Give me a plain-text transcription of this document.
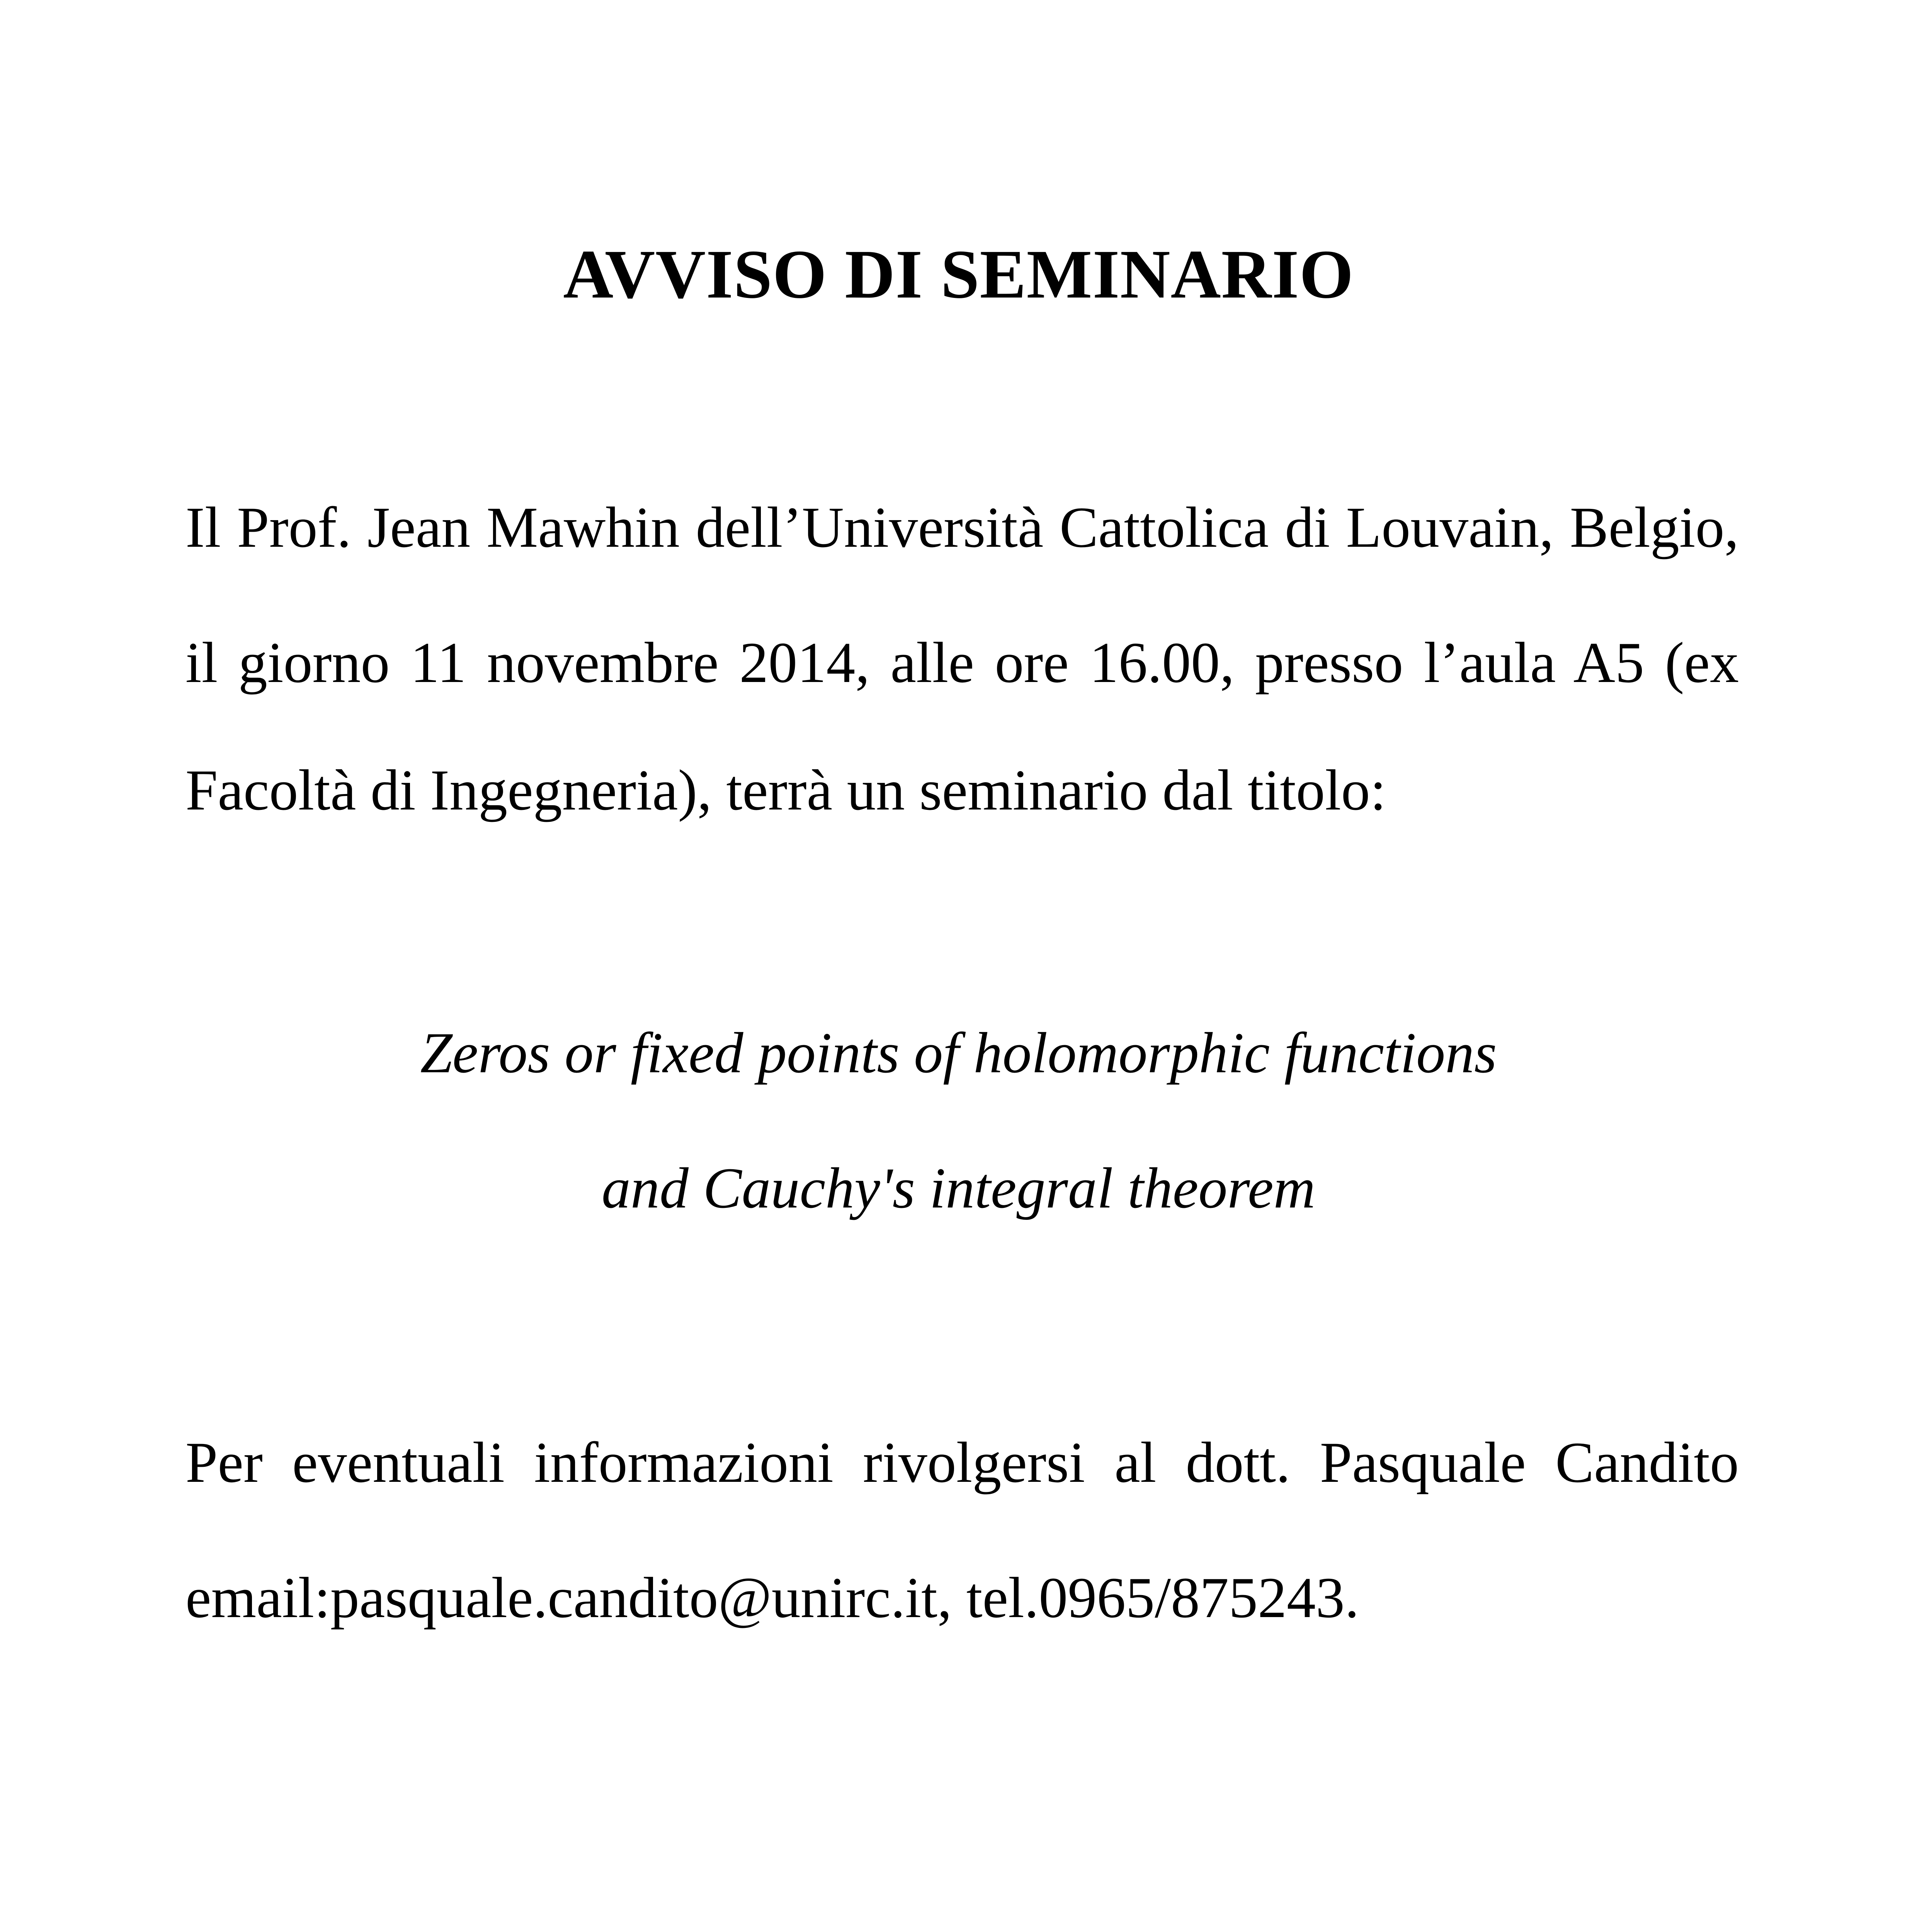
AVVISO DI SEMINARIO
Il Prof. Jean Mawhin dell’Università Cattolica di Louvain, Belgio,
il giorno 11 novembre 2014, alle ore 16.00, presso l’aula A5 (ex
Facoltà di Ingegneria), terrà un seminario dal titolo:
Zeros or fixed points of holomorphic functions
and Cauchy's integral theorem
Per eventuali informazioni rivolgersi al dott. Pasquale Candito
email:pasquale.candito@unirc.it, tel.0965/875243.
